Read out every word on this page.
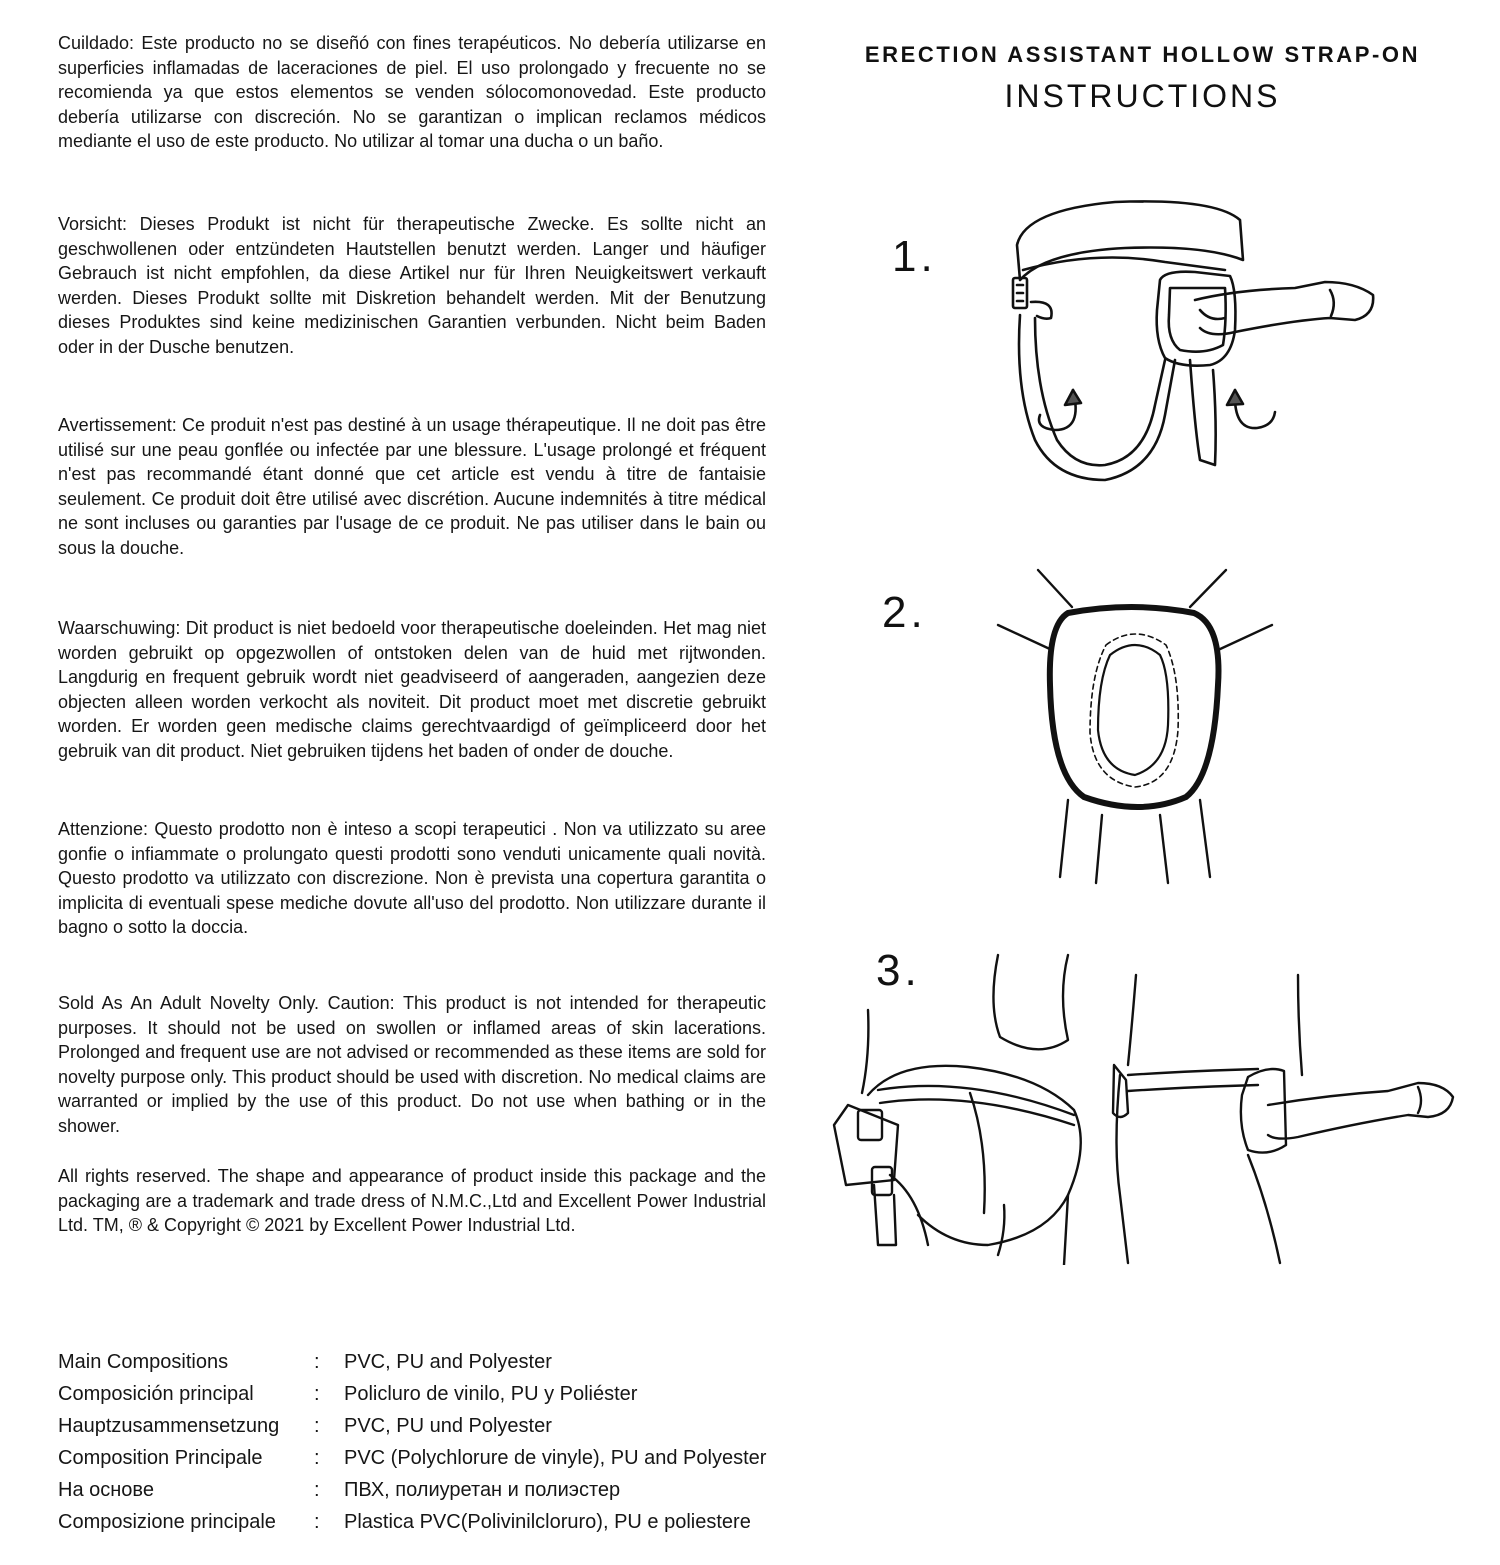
Cuildado: Este producto no se diseñó con fines terapéuticos. No debería utilizarse en superficies inflamadas de laceraciones de piel. El uso prolongado y frecuente no se recomienda ya que estos elementos se venden sólocomonovedad. Este producto debería utilizarse con discreción. No se garantizan o implican reclamos médicos mediante el uso de este producto. No utilizar al tomar una ducha o un baño.

Vorsicht: Dieses Produkt ist nicht für therapeutische Zwecke. Es sollte nicht an geschwollenen oder entzündeten Hautstellen benutzt werden. Langer und häufiger Gebrauch ist nicht empfohlen, da diese Artikel nur für Ihren Neuigkeitswert verkauft werden. Dieses Produkt sollte mit Diskretion behandelt werden. Mit der Benutzung dieses Produktes sind keine medizinischen Garantien verbunden. Nicht beim Baden oder in der Dusche benutzen.

Avertissement: Ce produit n'est pas destiné à un usage thérapeutique. Il ne doit pas être utilisé sur une peau gonflée ou infectée par une blessure. L'usage prolongé et fréquent n'est pas recommandé étant donné que cet article est vendu à titre de fantaisie seulement. Ce produit doit être utilisé avec discrétion. Aucune indemnités à titre médical ne sont incluses ou garanties par l'usage de ce produit. Ne pas utiliser dans le bain ou sous la douche.

Waarschuwing: Dit product is niet bedoeld voor therapeutische doeleinden. Het mag niet worden gebruikt op opgezwollen of ontstoken delen van de huid met rijtwonden. Langdurig en frequent gebruik wordt niet geadviseerd of aangeraden, aangezien deze objecten alleen worden verkocht als noviteit. Dit product moet met discretie gebruikt worden. Er worden geen medische claims gerechtvaardigd of geïmpliceerd door het gebruik van dit product. Niet gebruiken tijdens het baden of onder de douche.

Attenzione: Questo prodotto non è inteso a scopi terapeutici . Non va utilizzato su aree gonfie o infiammate o prolungato questi prodotti sono venduti unicamente quali novità. Questo prodotto va utilizzato con discrezione. Non è prevista una copertura garantita o implicita di eventuali spese mediche dovute all'uso del prodotto. Non utilizzare durante il bagno o sotto la doccia.

Sold As An Adult Novelty Only. Caution: This product is not intended for therapeutic purposes. It should not be used on swollen or inflamed areas of skin lacerations. Prolonged and frequent use are not advised or recommended as these items are sold for novelty purpose only. This product should be used with discretion. No medical claims are warranted or implied by the use of this product. Do not use when bathing or in the shower.

All rights reserved. The shape and appearance of product inside this package and the packaging are a trademark and trade dress of N.M.C.,Ltd and Excellent Power Industrial Ltd. TM, ® & Copyright © 2021 by Excellent Power Industrial Ltd.

ERECTION ASSISTANT HOLLOW STRAP-ON
INSTRUCTIONS
1.
2.
3.
Main Compositions	:	PVC, PU and Polyester
Composición principal	:	Policluro de vinilo, PU y Poliéster
Hauptzusammensetzung	:	PVC, PU und Polyester
Composition Principale	:	PVC (Polychlorure de vinyle), PU and Polyester
На основе	:	ПВХ, полиуретан и полиэстер
Composizione principale	:	Plastica PVC(Polivinilcloruro), PU e poliestere
